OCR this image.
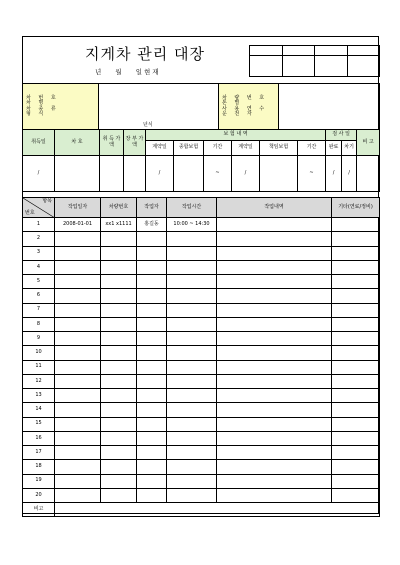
지게차 관리 대장
년 월 일현재

차 번 호
차 명
차 종 류
형 식
	년식	
차 량 번 호
톤 별
사 용 연 수
운 전 자

취득일	차 호	취 득 가 액	장 부 가 액	보 험 내 역						검 사 일		비 고
				계약일	종합보험	기간	계약일	책임보험	기간	완료	차기	
/				/		~	/		~	/	/	
항목
번호	작업일자	차량번호	작업자	작업시간	작업내역	기타(연료/정비)
1	2008-01-01	xx1 x1111	홍길동	10:00 ~ 14:30		
2						
3						
4						
5						
6						
7						
8						
9						
10						
11						
12						
13						
14						
15						
16						
17						
18						
19						
20						
비고						
